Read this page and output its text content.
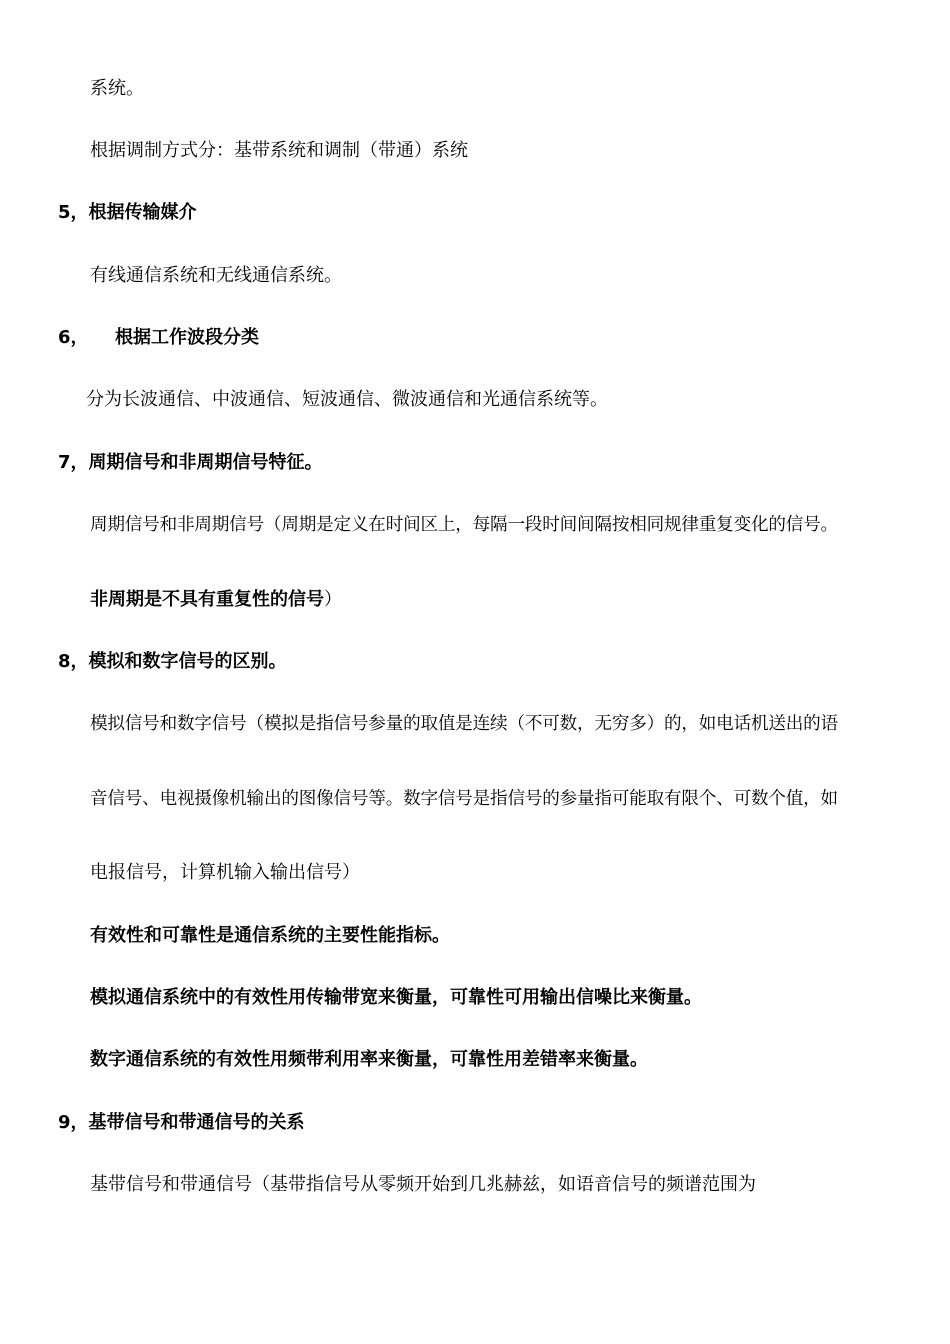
系统。
根据调制方式分：基带系统和调制（带通）系统
5，根据传输媒介
有线通信系统和无线通信系统。
6， 根据工作波段分类
分为长波通信、中波通信、短波通信、微波通信和光通信系统等。
7，周期信号和非周期信号特征。
周期信号和非周期信号（周期是定义在时间区上，每隔一段时间间隔按相同规律重复变化的信号。
非周期是不具有重复性的信号）
8，模拟和数字信号的区别。
模拟信号和数字信号（模拟是指信号参量的取值是连续（不可数，无穷多）的，如电话机送出的语
音信号、电视摄像机输出的图像信号等。数字信号是指信号的参量指可能取有限个、可数个值，如
电报信号，计算机输入输出信号）
有效性和可靠性是通信系统的主要性能指标。
模拟通信系统中的有效性用传输带宽来衡量，可靠性可用输出信噪比来衡量。
数字通信系统的有效性用频带利用率来衡量，可靠性用差错率来衡量。
9，基带信号和带通信号的关系
基带信号和带通信号（基带指信号从零频开始到几兆赫兹，如语音信号的频谱范围为
